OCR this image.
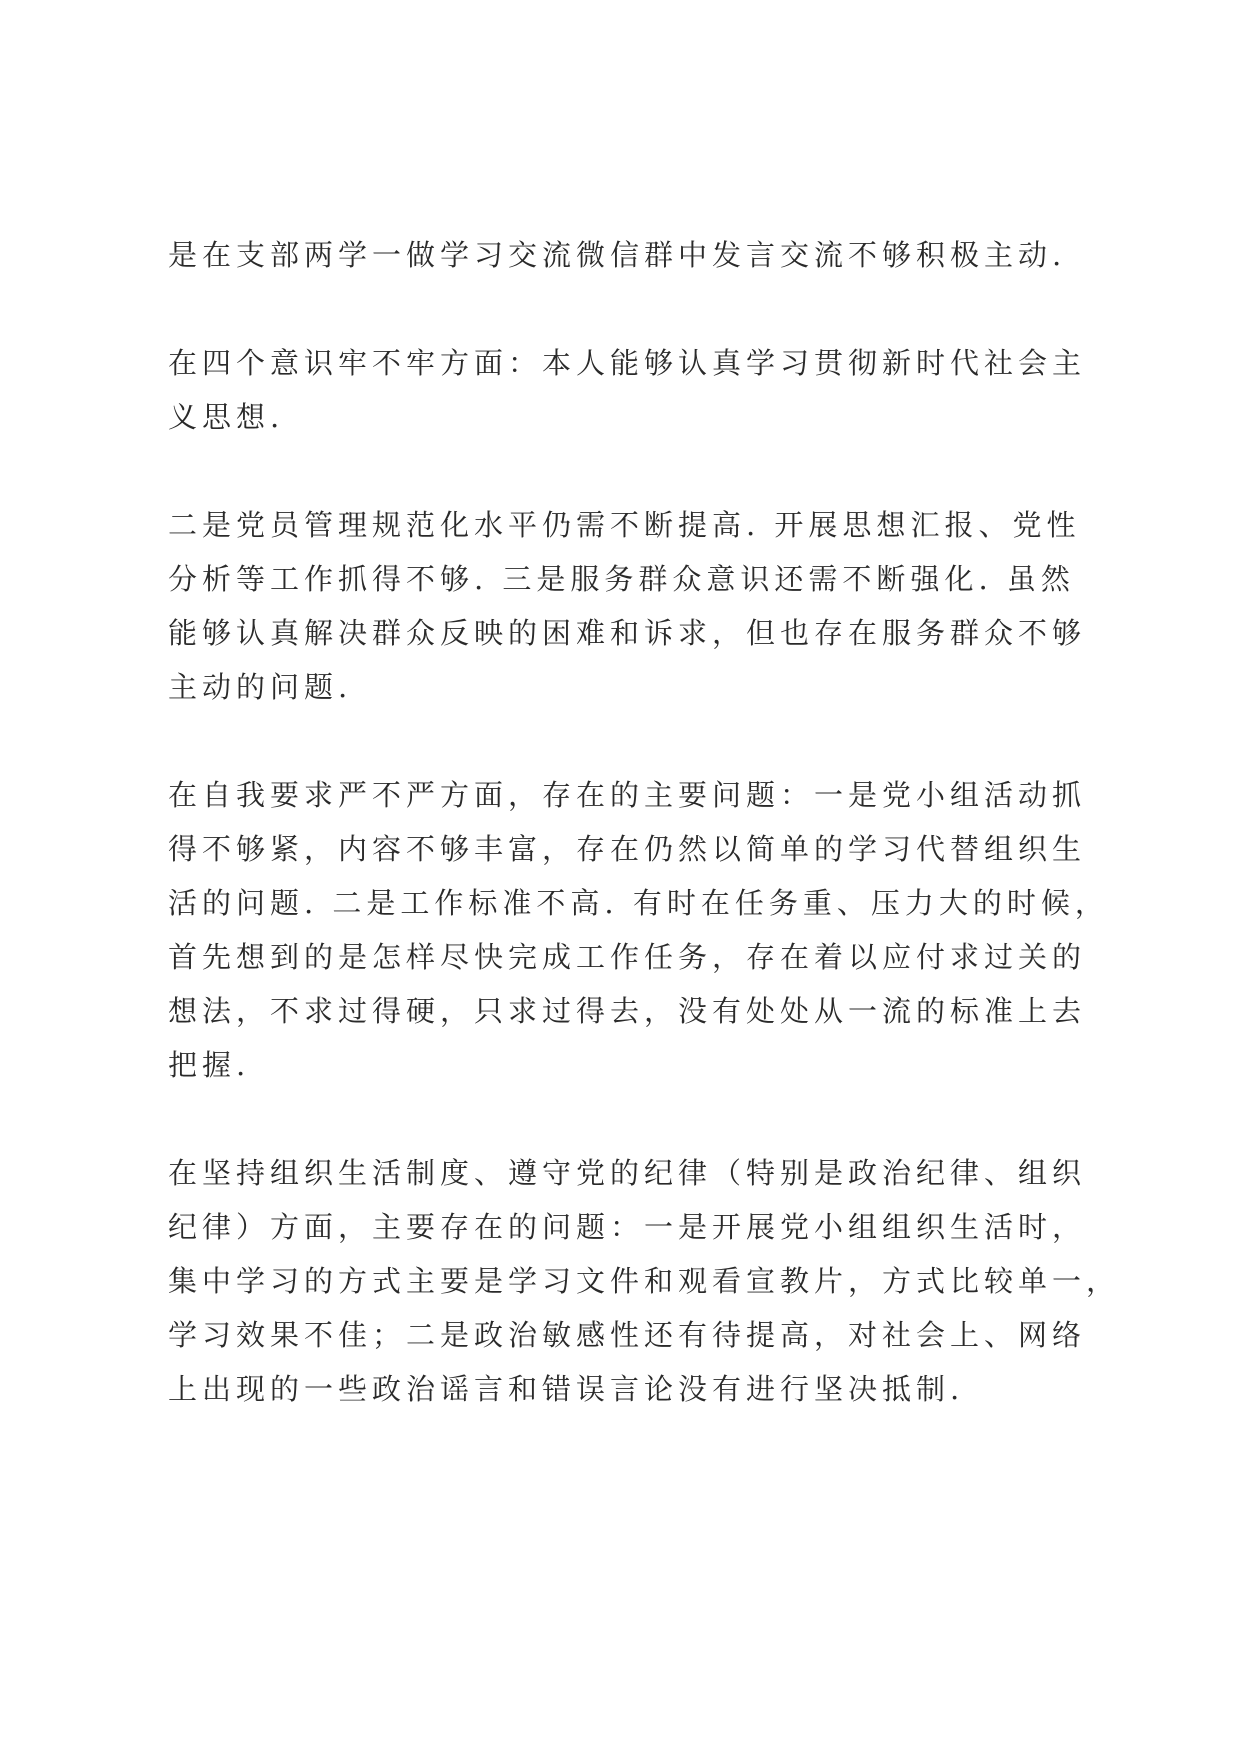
是在支部两学一做学习交流微信群中发言交流不够积极主动.

在四个意识牢不牢方面：本人能够认真学习贯彻新时代社会主
义思想.

二是党员管理规范化水平仍需不断提高. 开展思想汇报、党性
分析等工作抓得不够. 三是服务群众意识还需不断强化. 虽然
能够认真解决群众反映的困难和诉求，但也存在服务群众不够
主动的问题.

在自我要求严不严方面，存在的主要问题：一是党小组活动抓
得不够紧，内容不够丰富，存在仍然以简单的学习代替组织生
活的问题. 二是工作标准不高. 有时在任务重、压力大的时候，
首先想到的是怎样尽快完成工作任务，存在着以应付求过关的
想法，不求过得硬，只求过得去，没有处处从一流的标准上去
把握.

在坚持组织生活制度、遵守党的纪律（特别是政治纪律、组织
纪律）方面，主要存在的问题：一是开展党小组组织生活时，
集中学习的方式主要是学习文件和观看宣教片，方式比较单一，
学习效果不佳；二是政治敏感性还有待提高，对社会上、网络
上出现的一些政治谣言和错误言论没有进行坚决抵制.
